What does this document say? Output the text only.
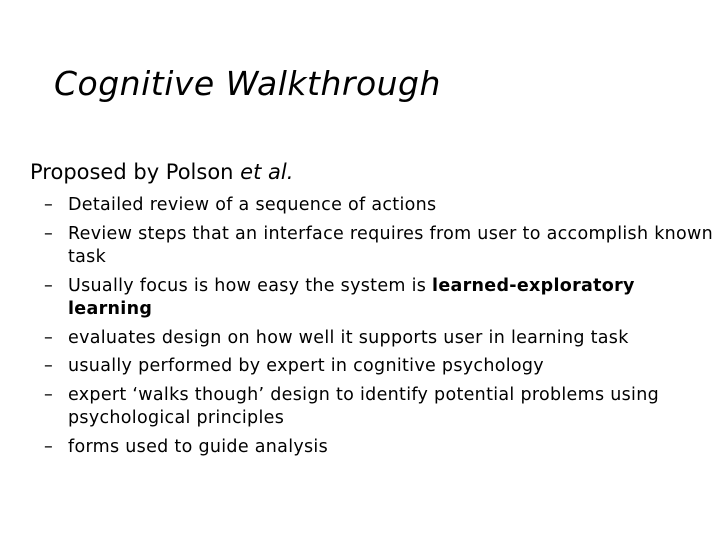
Cognitive Walkthrough
Proposed by Polson et al.
– Detailed review of a sequence of actions
– Review steps that an interface requires from user to accomplish known task
– Usually focus is how easy the system is learned-exploratory learning
– evaluates design on how well it supports user in learning task
– usually performed by expert in cognitive psychology
– expert ‘walks though’ design to identify potential problems using psychological principles
– forms used to guide analysis
